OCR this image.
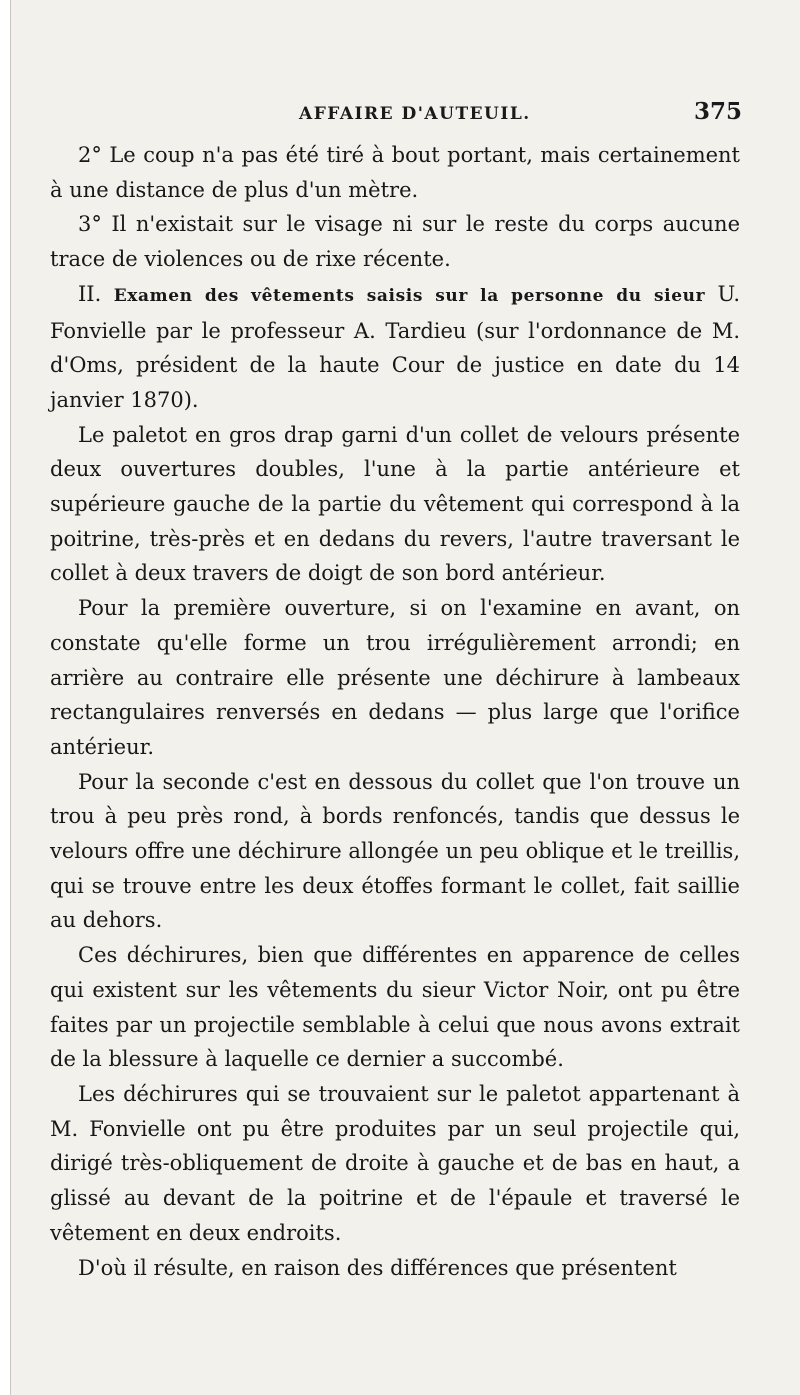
AFFAIRE D'AUTEUIL.	375

2° Le coup n'a pas été tiré à bout portant, mais certainement à une distance de plus d'un mètre.

3° Il n'existait sur le visage ni sur le reste du corps aucune trace de violences ou de rixe récente.

II. Examen des vêtements saisis sur la personne du sieur U. Fonvielle par le professeur A. Tardieu (sur l'ordonnance de M. d'Oms, président de la haute Cour de justice en date du 14 janvier 1870).

Le paletot en gros drap garni d'un collet de velours présente deux ouvertures doubles, l'une à la partie antérieure et supérieure gauche de la partie du vêtement qui correspond à la poitrine, très-près et en dedans du revers, l'autre traversant le collet à deux travers de doigt de son bord antérieur.

Pour la première ouverture, si on l'examine en avant, on constate qu'elle forme un trou irrégulièrement arrondi; en arrière au contraire elle présente une déchirure à lambeaux rectangulaires renversés en dedans — plus large que l'orifice antérieur.

Pour la seconde c'est en dessous du collet que l'on trouve un trou à peu près rond, à bords renfoncés, tandis que dessus le velours offre une déchirure allongée un peu oblique et le treillis, qui se trouve entre les deux étoffes formant le collet, fait saillie au dehors.

Ces déchirures, bien que différentes en apparence de celles qui existent sur les vêtements du sieur Victor Noir, ont pu être faites par un projectile semblable à celui que nous avons extrait de la blessure à laquelle ce dernier a succombé.

Les déchirures qui se trouvaient sur le paletot appartenant à M. Fonvielle ont pu être produites par un seul projectile qui, dirigé très-obliquement de droite à gauche et de bas en haut, a glissé au devant de la poitrine et de l'épaule et traversé le vêtement en deux endroits.

D'où il résulte, en raison des différences que présentent
